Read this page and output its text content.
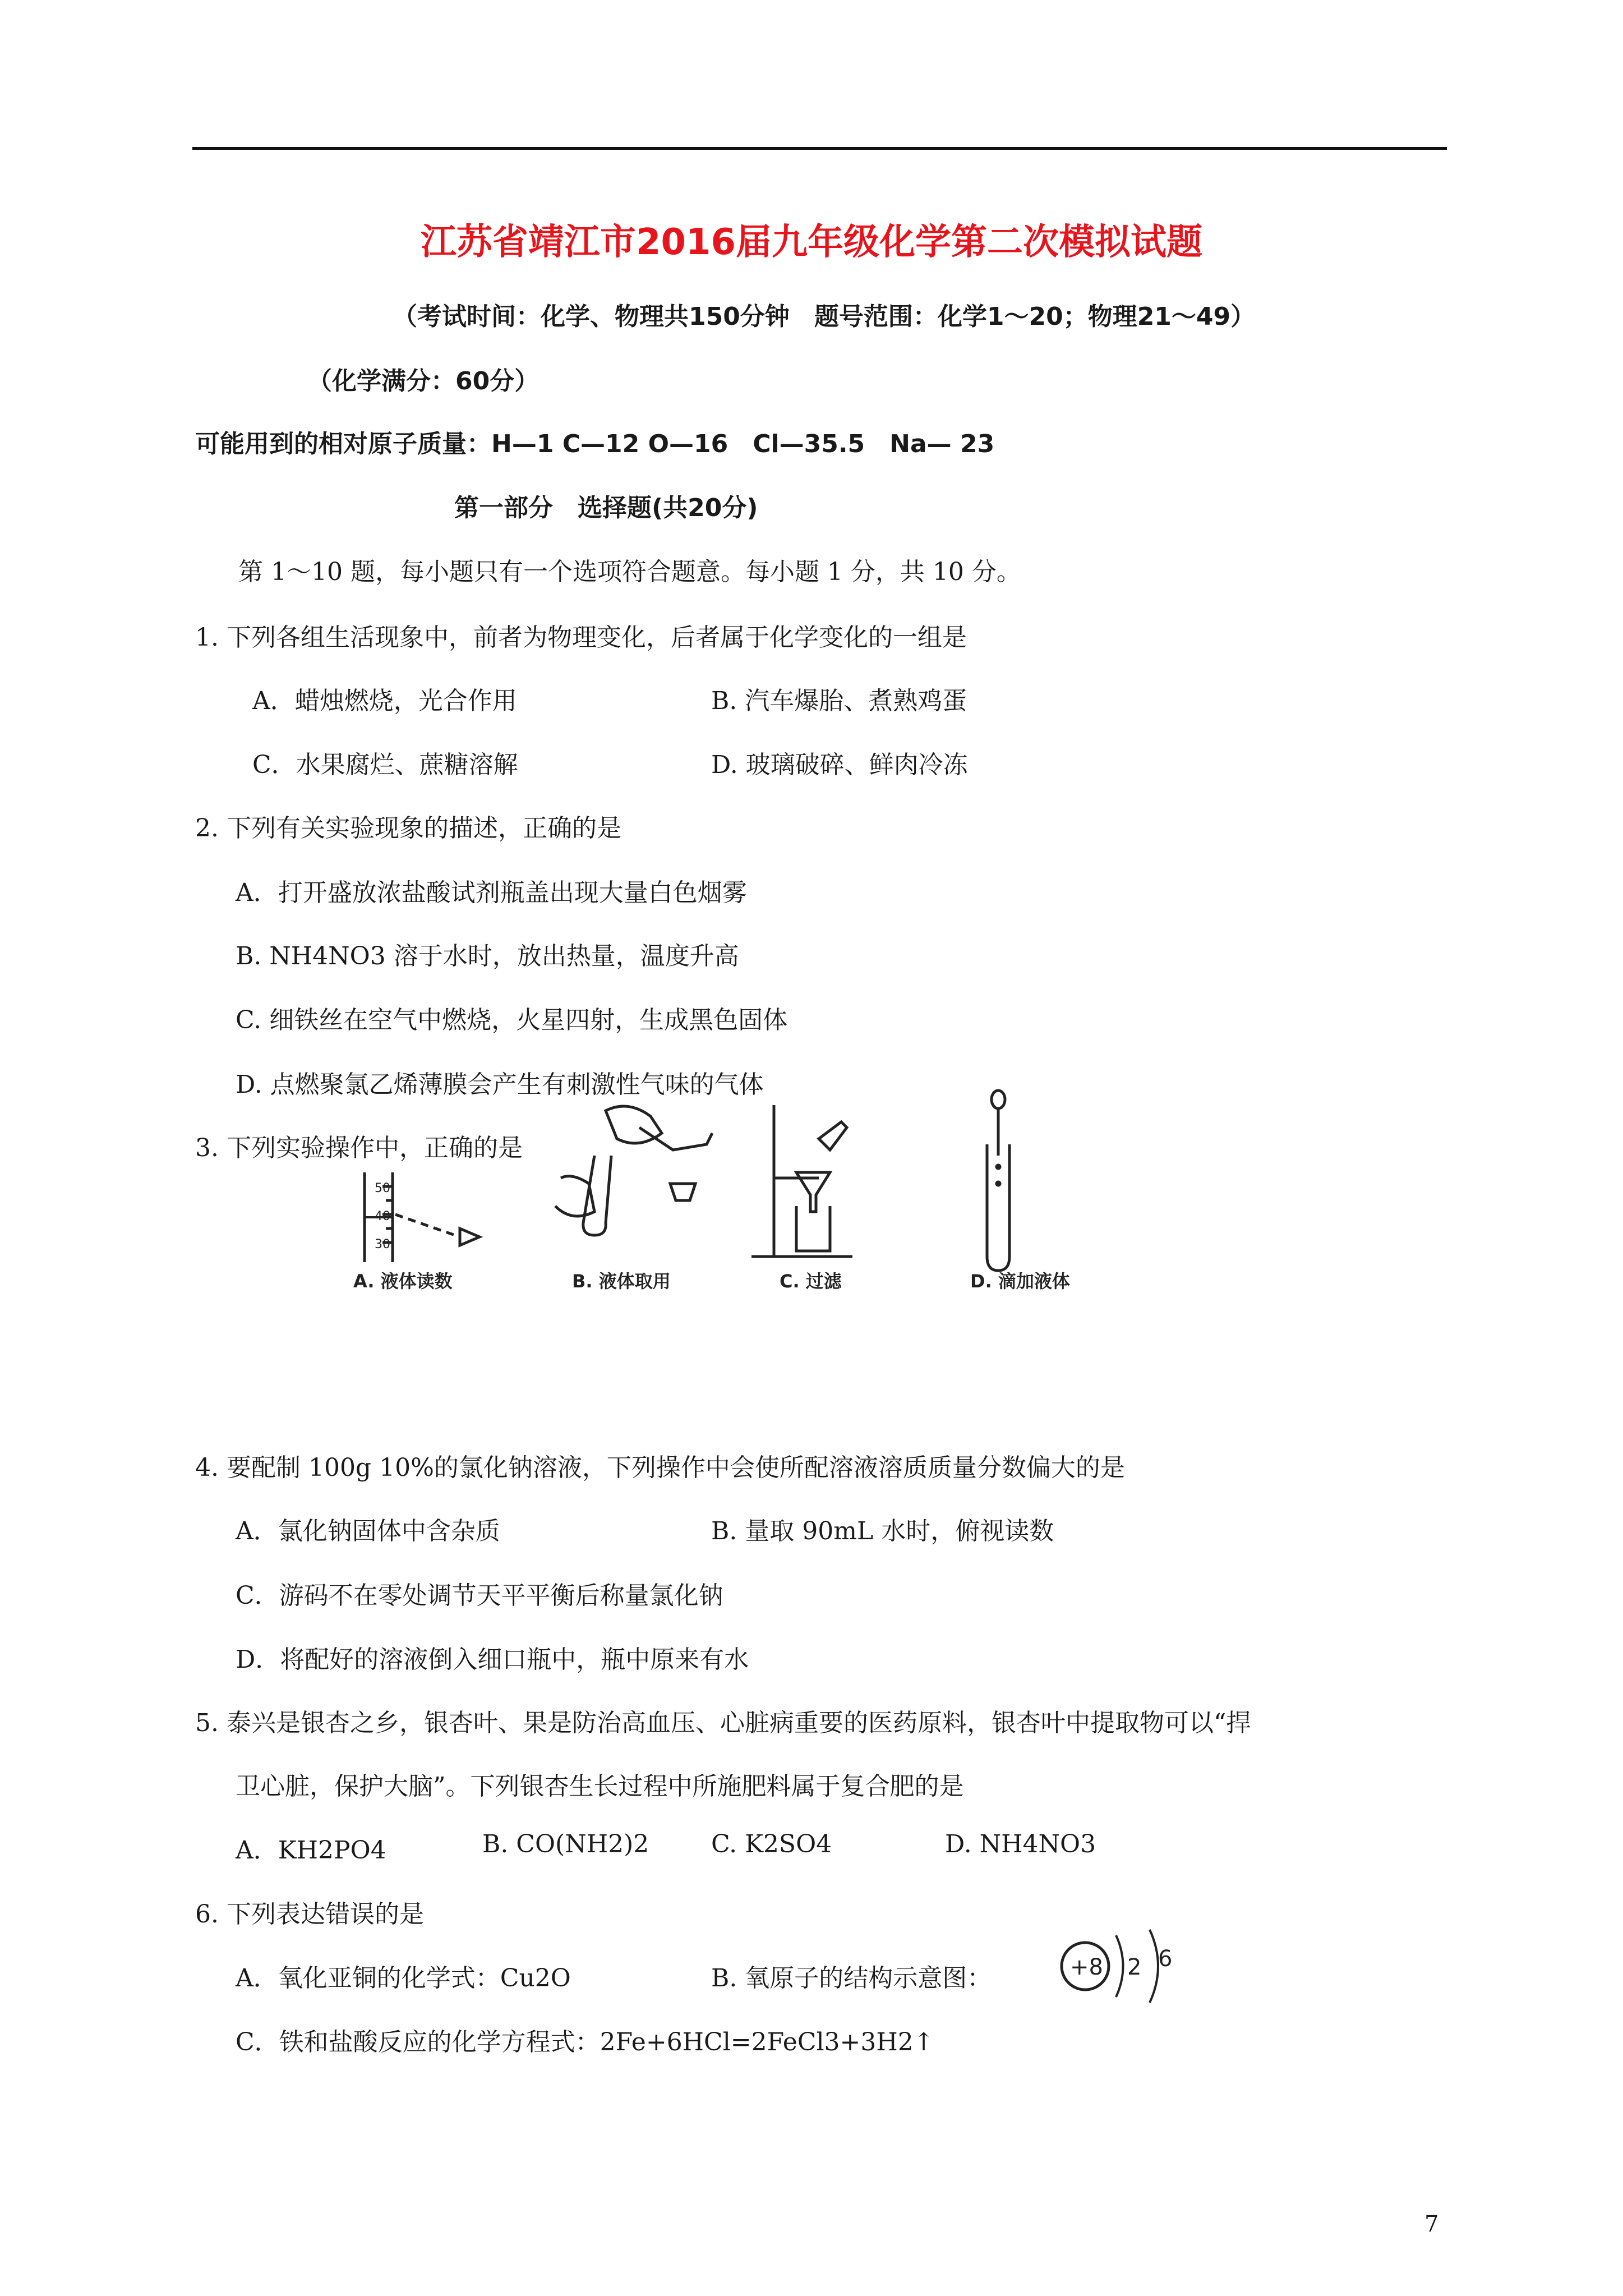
江苏省靖江市2016届九年级化学第二次模拟试题
（考试时间：化学、物理共150分钟　题号范围：化学1～20；物理21～49）
（化学满分：60分）
可能用到的相对原子质量：H—1 C—12 O—16　Cl—35.5　Na— 23
第一部分　选择题(共20分)
第 1～10 题，每小题只有一个选项符合题意。每小题 1 分，共 10 分。
1. 下列各组生活现象中，前者为物理变化，后者属于化学变化的一组是
A．蜡烛燃烧，光合作用	B. 汽车爆胎、煮熟鸡蛋
C．水果腐烂、蔗糖溶解	D. 玻璃破碎、鲜肉冷冻
2. 下列有关实验现象的描述，正确的是
A．打开盛放浓盐酸试剂瓶盖出现大量白色烟雾
B. NH4NO3 溶于水时，放出热量，温度升高
C. 细铁丝在空气中燃烧，火星四射，生成黑色固体
D. 点燃聚氯乙烯薄膜会产生有刺激性气味的气体
3. 下列实验操作中，正确的是
50
40
30
A. 液体读数	B. 液体取用	C. 过滤	D. 滴加液体
4. 要配制 100g 10%的氯化钠溶液，下列操作中会使所配溶液溶质质量分数偏大的是
A．氯化钠固体中含杂质	B. 量取 90mL 水时，俯视读数
C．游码不在零处调节天平平衡后称量氯化钠
D．将配好的溶液倒入细口瓶中，瓶中原来有水
5. 泰兴是银杏之乡，银杏叶、果是防治高血压、心脏病重要的医药原料，银杏叶中提取物可以“捍
卫心脏，保护大脑”。下列银杏生长过程中所施肥料属于复合肥的是
A．KH2PO4	B. CO(NH2)2	C. K2SO4	D. NH4NO3
6. 下列表达错误的是
A．氧化亚铜的化学式：Cu2O	B. 氧原子的结构示意图：	+8 2 6
C．铁和盐酸反应的化学方程式：2Fe+6HCl=2FeCl3+3H2↑
7
